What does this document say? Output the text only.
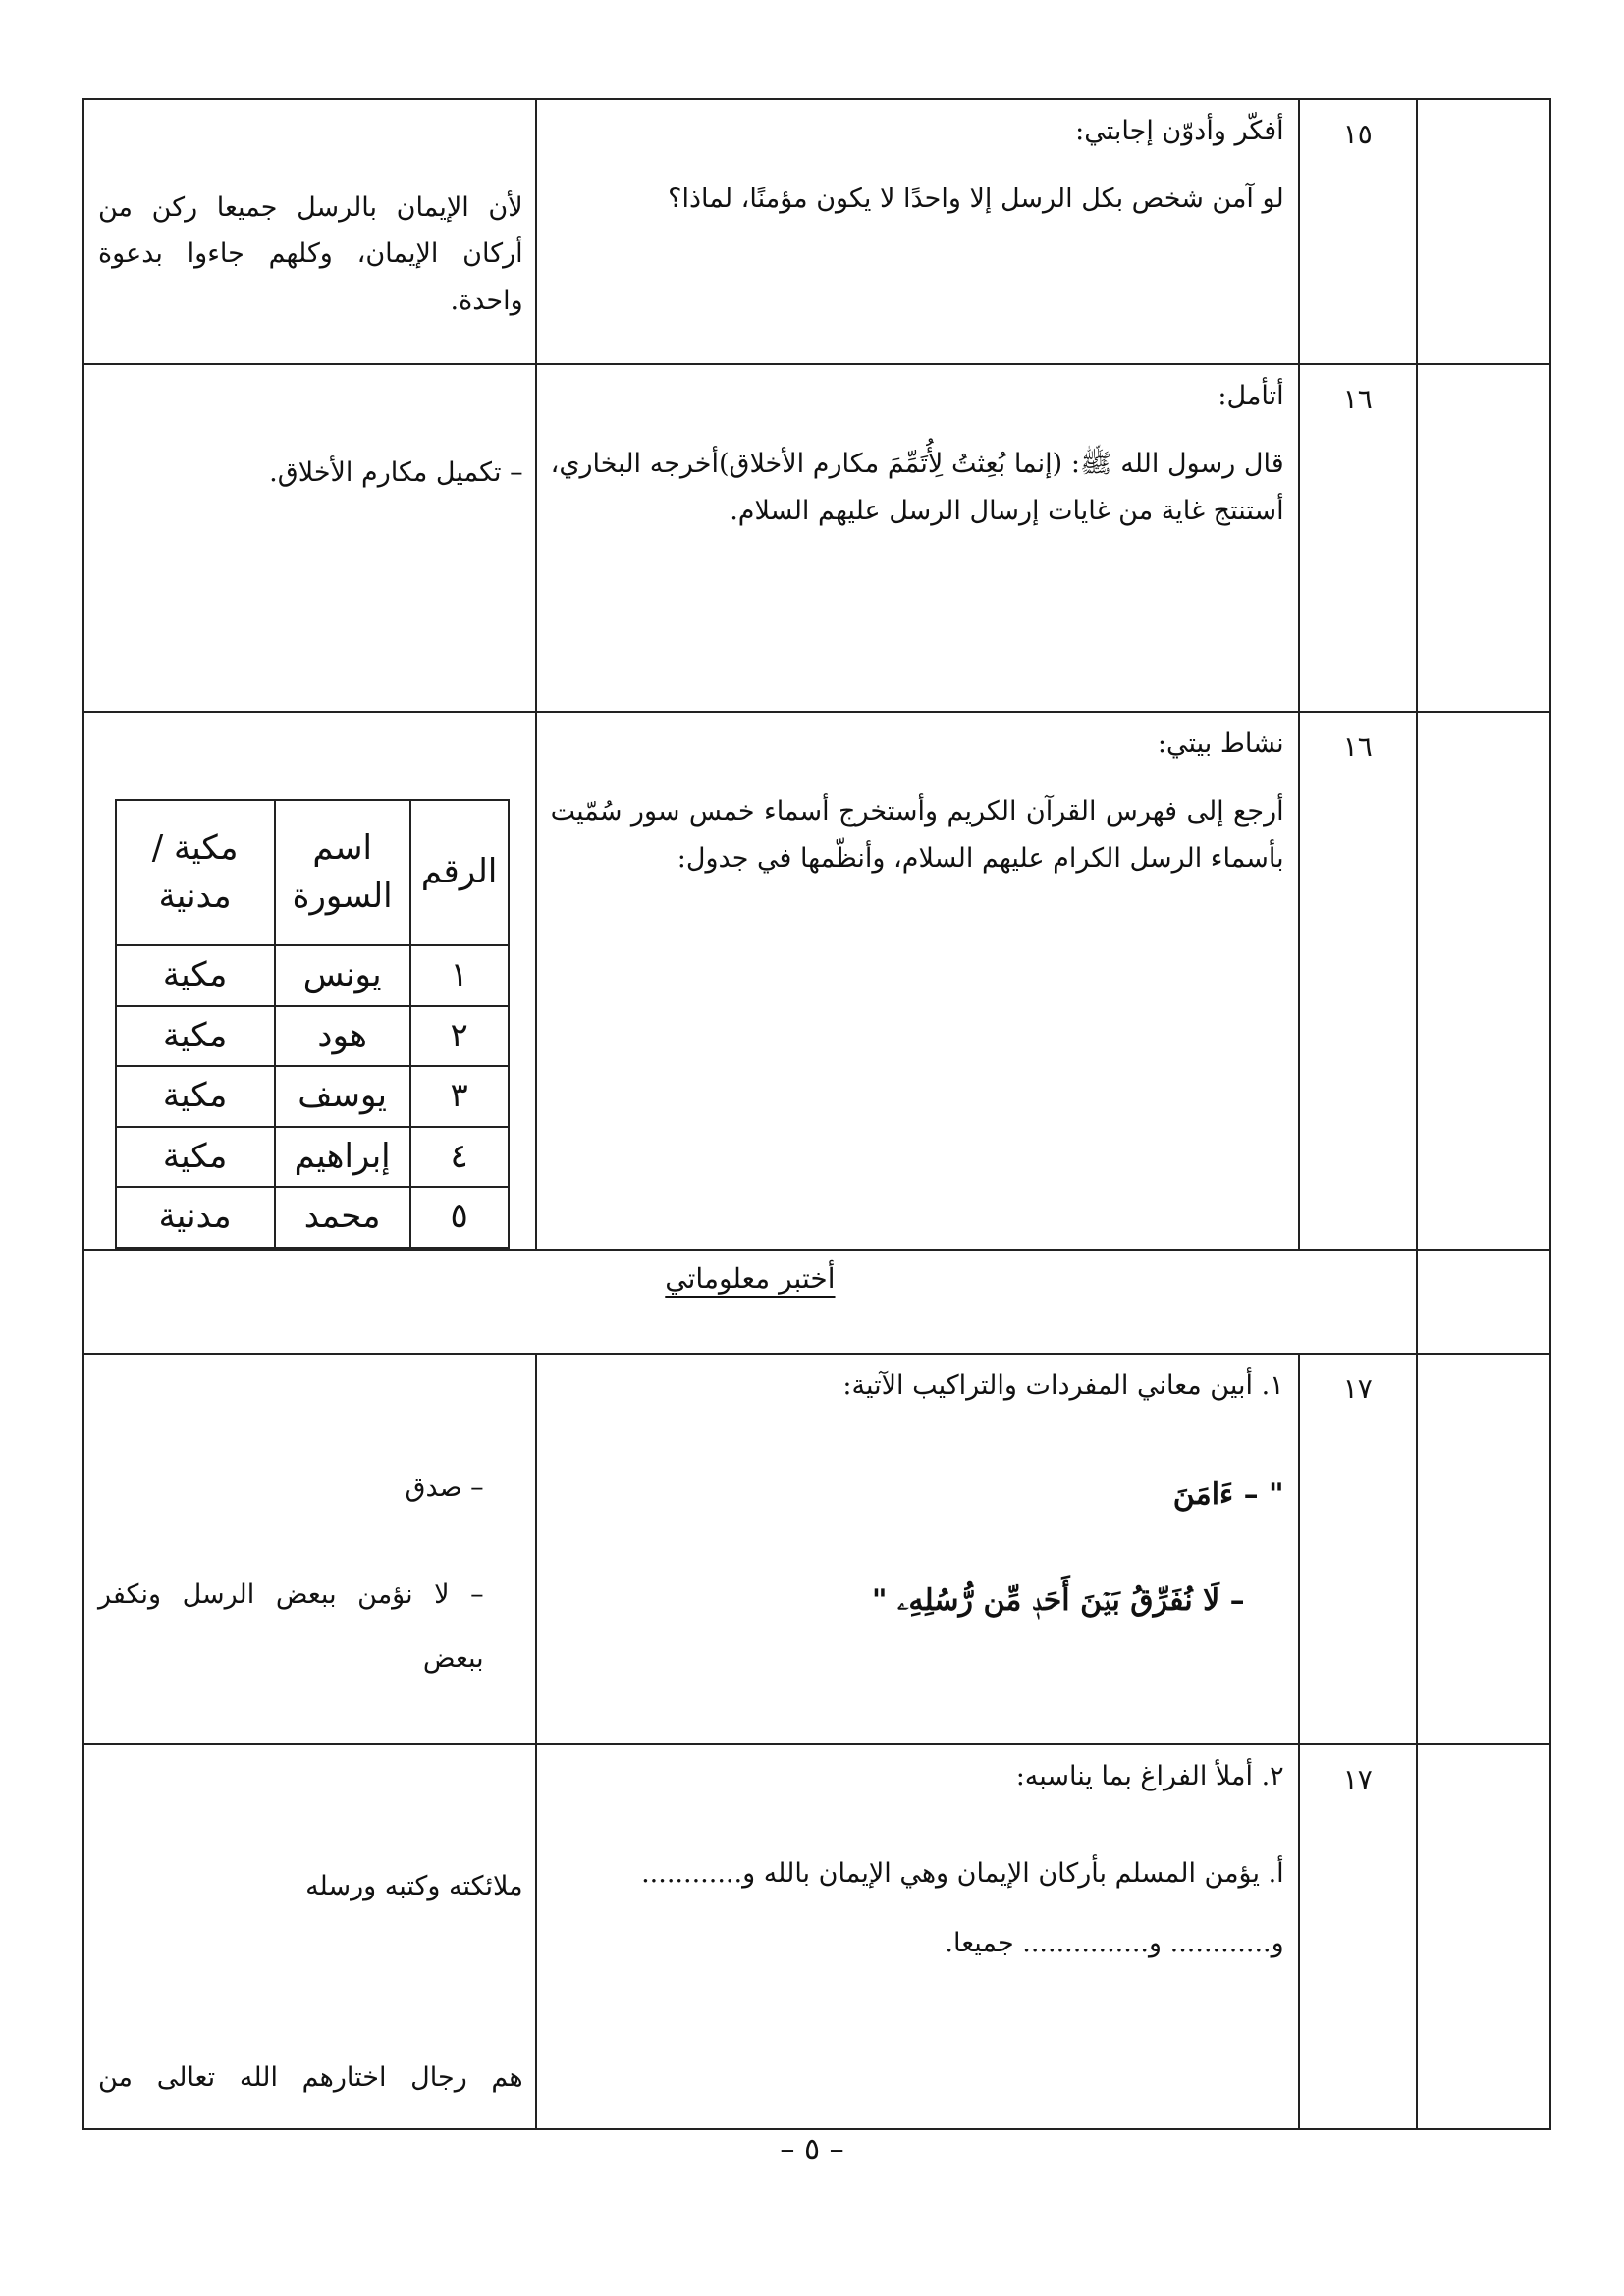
	١٥	
أفكّر وأدوّن إجابتي:

لو آمن شخص بكل الرسل إلا واحدًا لا يكون مؤمنًا، لماذا؟

لأن الإيمان بالرسل جميعا ركن من أركان الإيمان، وكلهم جاءوا بدعوة واحدة.

	١٦	
أتأمل:

قال رسول الله ﷺ: (إنما بُعِثتُ لِأُتَمِّمَ مكارم الأخلاق)أخرجه البخاري، أستنتج غاية من غايات إرسال الرسل عليهم السلام.

– تكميل مكارم الأخلاق.

	١٦	
نشاط بيتي:

أرجع إلى فهرس القرآن الكريم وأستخرج أسماء خمس سور سُمّيت بأسماء الرسل الكرام عليهم السلام، وأنظّمها في جدول:

الرقم	اسم السورة	مكية / مدنية
١	يونس	مكية
٢	هود	مكية
٣	يوسف	مكية
٤	إبراهيم	مكية
٥	محمد	مدنية

	أختبر معلوماتي
	١٧	
١. أبين معاني المفردات والتراكيب الآتية:

" – ءَامَنَ

– لَا نُفَرِّقُ بَيۡنَ أَحَدٖ مِّن رُّسُلِهِۦ "

– صدق

– لا نؤمن ببعض الرسل ونكفر ببعض

	١٧	
٢. أملأ الفراغ بما يناسبه:

أ. يؤمن المسلم بأركان الإيمان وهي الإيمان بالله و............

و............ و............... جميعا.

ملائكته وكتبه ورسله

هم رجال اختارهم الله تعالى من

– ٥ –
